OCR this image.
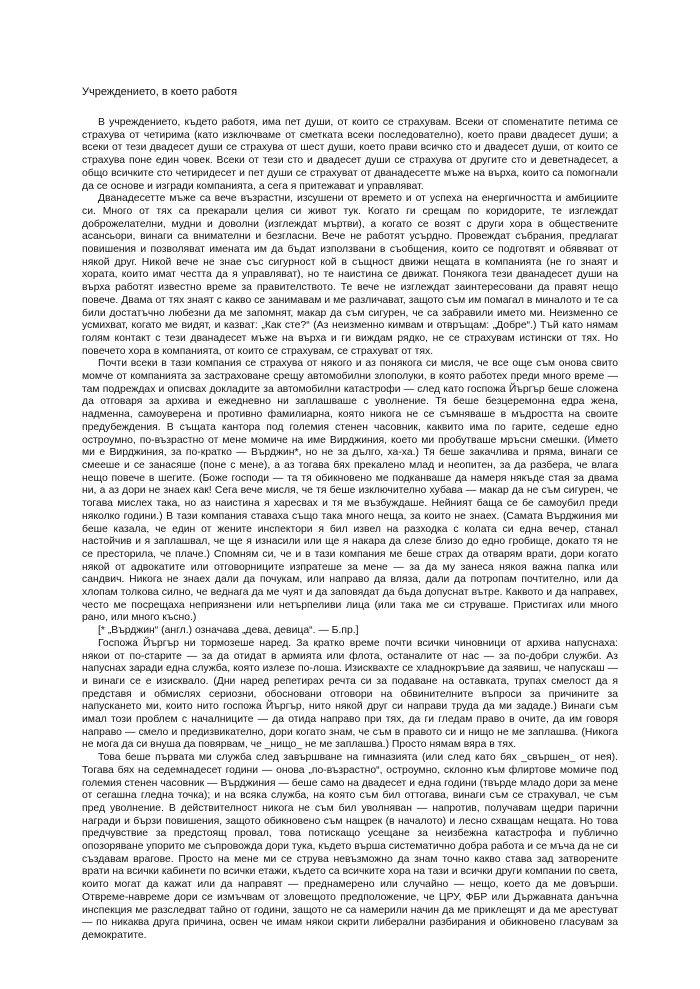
Учреждението, в което работя

В учреждението, където работя, има пет души, от които се страхувам. Всеки от споменатите петима се страхува от четирима (като изключваме от сметката всеки последователно), което прави двадесет души; а всеки от тези двадесет души се страхува от шест души, което прави всичко сто и двадесет души, от които се страхува поне един човек. Всеки от тези сто и двадесет души се страхува от другите сто и деветнадесет, а общо всичките сто четиридесет и пет души се страхуват от дванадесетте мъже на върха, които са помогнали да се основе и изгради компанията, а сега я притежават и управляват.

Дванадесетте мъже са вече възрастни, изсушени от времето и от успеха на енергичността и амбициите си. Много от тях са прекарали целия си живот тук. Когато ги срещам по коридорите, те изглеждат доброжелателни, мудни и доволни (изглеждат мъртви), а когато се возят с други хора в обществените асансьори, винаги са внимателни и безгласни. Вече не работят усърдно. Провеждат събрания, предлагат повишения и позволяват имената им да бъдат използвани в съобщения, които се подготвят и обявяват от някой друг. Никой вече не знае със сигурност кой в същност движи нещата в компанията (не го знаят и хората, които имат честта да я управляват), но те наистина се движат. Понякога тези дванадесет души на върха работят известно време за правителството. Те вече не изглеждат заинтересовани да правят нещо повече. Двама от тях знаят с какво се занимавам и ме различават, защото съм им помагал в миналото и те са били достатъчно любезни да ме запомнят, макар да съм сигурен, че са забравили името ми. Неизменно се усмихват, когато ме видят, и казват: „Как сте?“ (Аз неизменно кимвам и отвръщам: „Добре“.) Тъй като нямам голям контакт с тези дванадесет мъже на върха и ги виждам рядко, не се страхувам истински от тях. Но повечето хора в компанията, от които се страхувам, се страхуват от тях.

Почти всеки в тази компания се страхува от някого и аз понякога си мисля, че все още съм онова свито момче от компанията за застраховане срещу автомобилни злополуки, в която работех преди много време — там подреждах и описвах докладите за автомобилни катастрофи — след като госпожа Йъргър беше сложена да отговаря за архива и ежедневно ни заплашваше с уволнение. Тя беше безцеремонна едра жена, надменна, самоуверена и противно фамилиарна, която никога не се съмняваше в мъдростта на своите предубеждения. В същата кантора под големия стенен часовник, каквито има по гарите, седеше едно остроумно, по-възрастно от мене момиче на име Вирджиния, което ми пробутваше мръсни смешки. (Името ми е Вирджиния, за по-кратко — Върджин*, но не за дълго, ха-ха.) Тя беше закачлива и пряма, винаги се смееше и се занасяше (поне с мене), а аз тогава бях прекалено млад и неопитен, за да разбера, че влага нещо повече в шегите. (Боже господи — та тя обикновено ме подканваше да намеря някъде стая за двама ни, а аз дори не знаех как! Сега вече мисля, че тя беше изключително хубава — макар да не съм сигурен, че тогава мислех така, но аз наистина я харесвах и тя ме възбуждаше. Нейният баща се бе самоубил преди няколко години.) В тази компания ставаха също така много неща, за които не знаех. (Самата Върджиния ми беше казала, че един от жените инспектори я бил извел на разходка с колата си една вечер, станал настойчив и я заплашвал, че ще я изнасили или ще я накара да слезе близо до едно гробище, докато тя не се престорила, че плаче.) Спомням си, че и в тази компания ме беше страх да отварям врати, дори когато някой от адвокатите или отговорниците изпратеше за мене — за да му занеса някоя важна папка или сандвич. Никога не знаех дали да почукам, или направо да вляза, дали да потропам почтително, или да хлопам толкова силно, че веднага да ме чуят и да заповядат да бъда допуснат вътре. Каквото и да направех, често ме посрещаха неприязнени или нетърпеливи лица (или така ме си струваше. Пристигах или много рано, или много късно.)

[* „Върджин“ (англ.) означава „дева, девица“. — Б.пр.]

Госпожа Йъргър ни тормозеше наред. За кратко време почти всички чиновници от архива напуснаха: някои от по-старите — за да отидат в армията или флота, останалите от нас — за по-добри служби. Аз напуснах заради една служба, която излезе по-лоша. Изисквахте се хладнокръвие да заявиш, че напускаш — и винаги се е изисквало. (Дни наред репетирах речта си за подаване на оставката, трупах смелост да я представя и обмислях сериозни, обосновани отговори на обвинителните въпроси за причините за напускането ми, които нито госпожа Йъргър, нито някой друг си направи труда да ми зададе.) Винаги съм имал този проблем с началниците — да отида направо при тях, да ги гледам право в очите, да им говоря направо — смело и предизвикателно, дори когато знам, че съм в правото си и нищо не ме заплашва. (Никога не мога да си внуша да повярвам, че _нищо_ не ме заплашва.) Просто нямам вяра в тях.

Това беше първата ми служба след завършване на гимназията (или след като бях _свършен_ от нея). Тогава бях на седемнадесет години — онова „по-възрастно“, остроумно, склонно към флиртове момиче под големия стенен часовник — Върджиния — беше само на двадесет и една години (твърде младо дори за мене от сегашна гледна точка); и на всяка служба, на която съм бил оттогава, винаги съм се страхувал, че съм пред уволнение. В действителност никога не съм бил уволняван — напротив, получавам щедри парични награди и бързи повишения, защото обикновено съм нащрек (в началото) и лесно схващам нещата. Но това предчувствие за предстоящ провал, това потискащо усещане за неизбежна катастрофа и публично опозоряване упорито ме съпровожда дори тука, където върша систематично добра работа и се мъча да не си създавам врагове. Просто на мене ми се струва невъзможно да знам точно какво става зад затворените врати на всички кабинети по всички етажи, където са всичките хора на тази и всички други компании по света, които могат да кажат или да направят — преднамерено или случайно — нещо, което да ме довърши. Отвреме-навреме дори се измъчвам от зловещото предположение, че ЦРУ, ФБР или Държавната данъчна инспекция ме разследват тайно от години, защото не са намерили начин да ме приклещят и да ме арестуват — по никаква друга причина, освен че имам някои скрити либерални разбирания и обикновено гласувам за демократите.
